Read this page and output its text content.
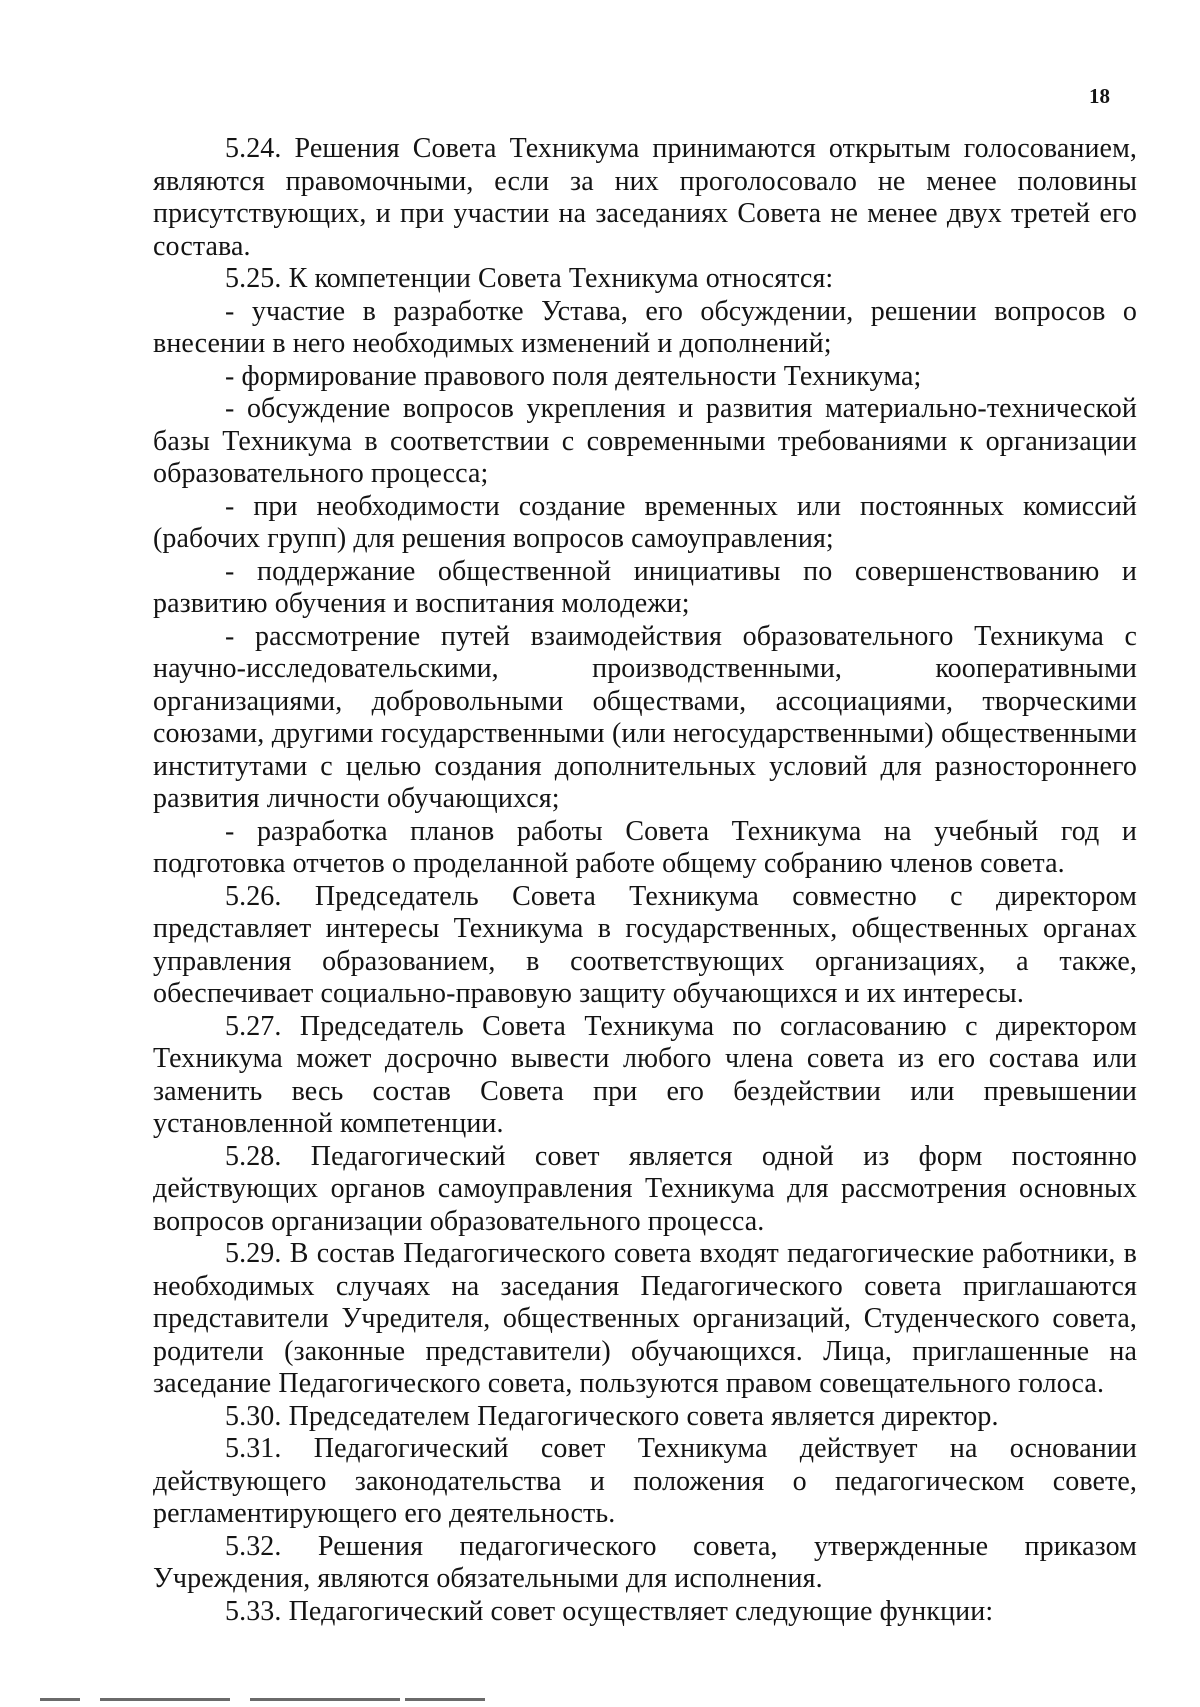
18

5.24. Решения Совета Техникума принимаются открытым голосованием, являются правомочными, если за них проголосовало не менее половины присутствующих, и при участии на заседаниях Совета не менее двух третей его состава.

5.25. К компетенции Совета Техникума относятся:

- участие в разработке Устава, его обсуждении, решении вопросов о внесении в него необходимых изменений и дополнений;

- формирование правового поля деятельности Техникума;

- обсуждение вопросов укрепления и развития материально-технической базы Техникума в соответствии с современными требованиями к организации образовательного процесса;

- при необходимости создание временных или постоянных комиссий (рабочих групп) для решения вопросов самоуправления;

- поддержание общественной инициативы по совершенствованию и развитию обучения и воспитания молодежи;

- рассмотрение путей взаимодействия образовательного Техникума с научно-исследовательскими, производственными, кооперативными организациями, добровольными обществами, ассоциациями, творческими союзами, другими государственными (или негосударственными) общественными институтами с целью создания дополнительных условий для разностороннего развития личности обучающихся;

- разработка планов работы Совета Техникума на учебный год и подготовка отчетов о проделанной работе общему собранию членов совета.

5.26. Председатель Совета Техникума совместно с директором представляет интересы Техникума в государственных, общественных органах управления образованием, в соответствующих организациях, а также, обеспечивает социально-правовую защиту обучающихся и их интересы.

5.27. Председатель Совета Техникума по согласованию с директором Техникума может досрочно вывести любого члена совета из его состава или заменить весь состав Совета при его бездействии или превышении установленной компетенции.

5.28. Педагогический совет является одной из форм постоянно действующих органов самоуправления Техникума для рассмотрения основных вопросов организации образовательного процесса.

5.29. В состав Педагогического совета входят педагогические работники, в необходимых случаях на заседания Педагогического совета приглашаются представители Учредителя, общественных организаций, Студенческого совета, родители (законные представители) обучающихся. Лица, приглашенные на заседание Педагогического совета, пользуются правом совещательного голоса.

5.30. Председателем Педагогического совета является директор.

5.31. Педагогический совет Техникума действует на основании действующего законодательства и положения о педагогическом совете, регламентирующего его деятельность.

5.32. Решения педагогического совета, утвержденные приказом Учреждения, являются обязательными для исполнения.

5.33. Педагогический совет осуществляет следующие функции:
